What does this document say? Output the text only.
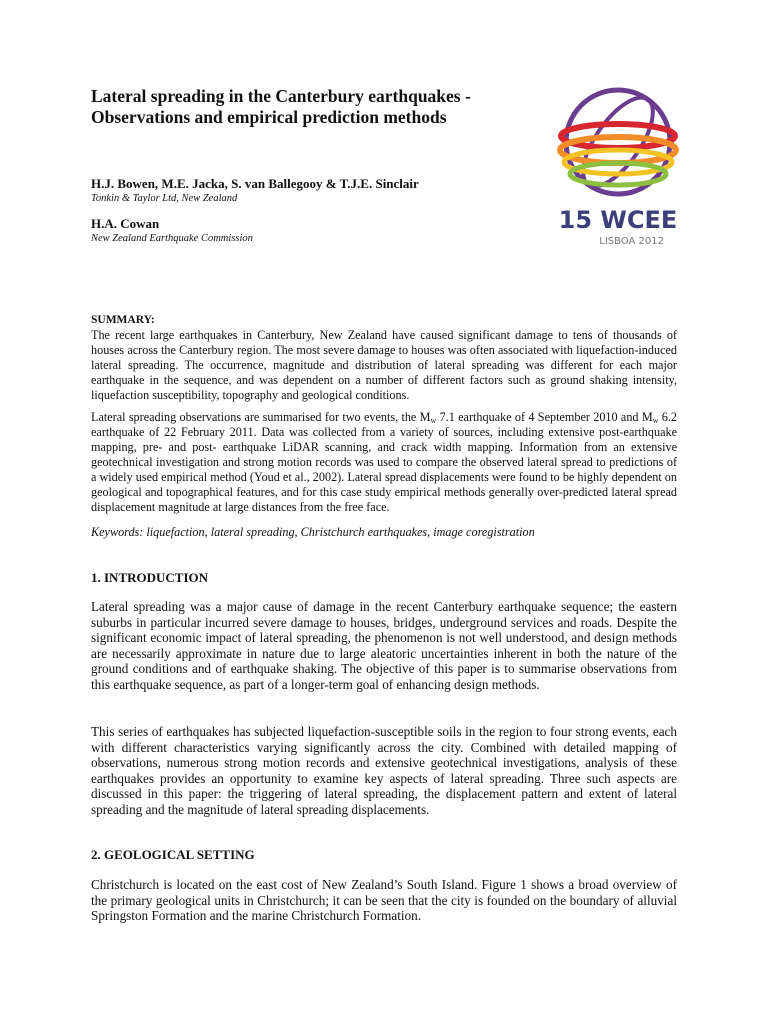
Lateral spreading in the Canterbury earthquakes -
Observations and empirical prediction methods
H.J. Bowen, M.E. Jacka, S. van Ballegooy & T.J.E. Sinclair
Tonkin & Taylor Ltd, New Zealand
H.A. Cowan
New Zealand Earthquake Commission
15 WCEE
LISBOA 2012

SUMMARY:

The recent large earthquakes in Canterbury, New Zealand have caused significant damage to tens of thousands of houses across the Canterbury region. The most severe damage to houses was often associated with liquefaction-induced lateral spreading. The occurrence, magnitude and distribution of lateral spreading was different for each major earthquake in the sequence, and was dependent on a number of different factors such as ground shaking intensity, liquefaction susceptibility, topography and geological conditions.

Lateral spreading observations are summarised for two events, the $M_w$ 7.1 earthquake of 4 September 2010 and $M_w$ 6.2 earthquake of 22 February 2011. Data was collected from a variety of sources, including extensive post-earthquake mapping, pre- and post- earthquake LiDAR scanning, and crack width mapping. Information from an extensive geotechnical investigation and strong motion records was used to compare the observed lateral spread to predictions of a widely used empirical method (Youd et al., 2002). Lateral spread displacements were found to be highly dependent on geological and topographical features, and for this case study empirical methods generally over-predicted lateral spread displacement magnitude at large distances from the free face.

Keywords: liquefaction, lateral spreading, Christchurch earthquakes, image coregistration
1. INTRODUCTION

Lateral spreading was a major cause of damage in the recent Canterbury earthquake sequence; the eastern suburbs in particular incurred severe damage to houses, bridges, underground services and roads. Despite the significant economic impact of lateral spreading, the phenomenon is not well understood, and design methods are necessarily approximate in nature due to large aleatoric uncertainties inherent in both the nature of the ground conditions and of earthquake shaking. The objective of this paper is to summarise observations from this earthquake sequence, as part of a longer-term goal of enhancing design methods.

This series of earthquakes has subjected liquefaction-susceptible soils in the region to four strong events, each with different characteristics varying significantly across the city. Combined with detailed mapping of observations, numerous strong motion records and extensive geotechnical investigations, analysis of these earthquakes provides an opportunity to examine key aspects of lateral spreading. Three such aspects are discussed in this paper: the triggering of lateral spreading, the displacement pattern and extent of lateral spreading and the magnitude of lateral spreading displacements.

2. GEOLOGICAL SETTING

Christchurch is located on the east cost of New Zealand’s South Island. Figure 1 shows a broad overview of the primary geological units in Christchurch; it can be seen that the city is founded on the boundary of alluvial Springston Formation and the marine Christchurch Formation.
